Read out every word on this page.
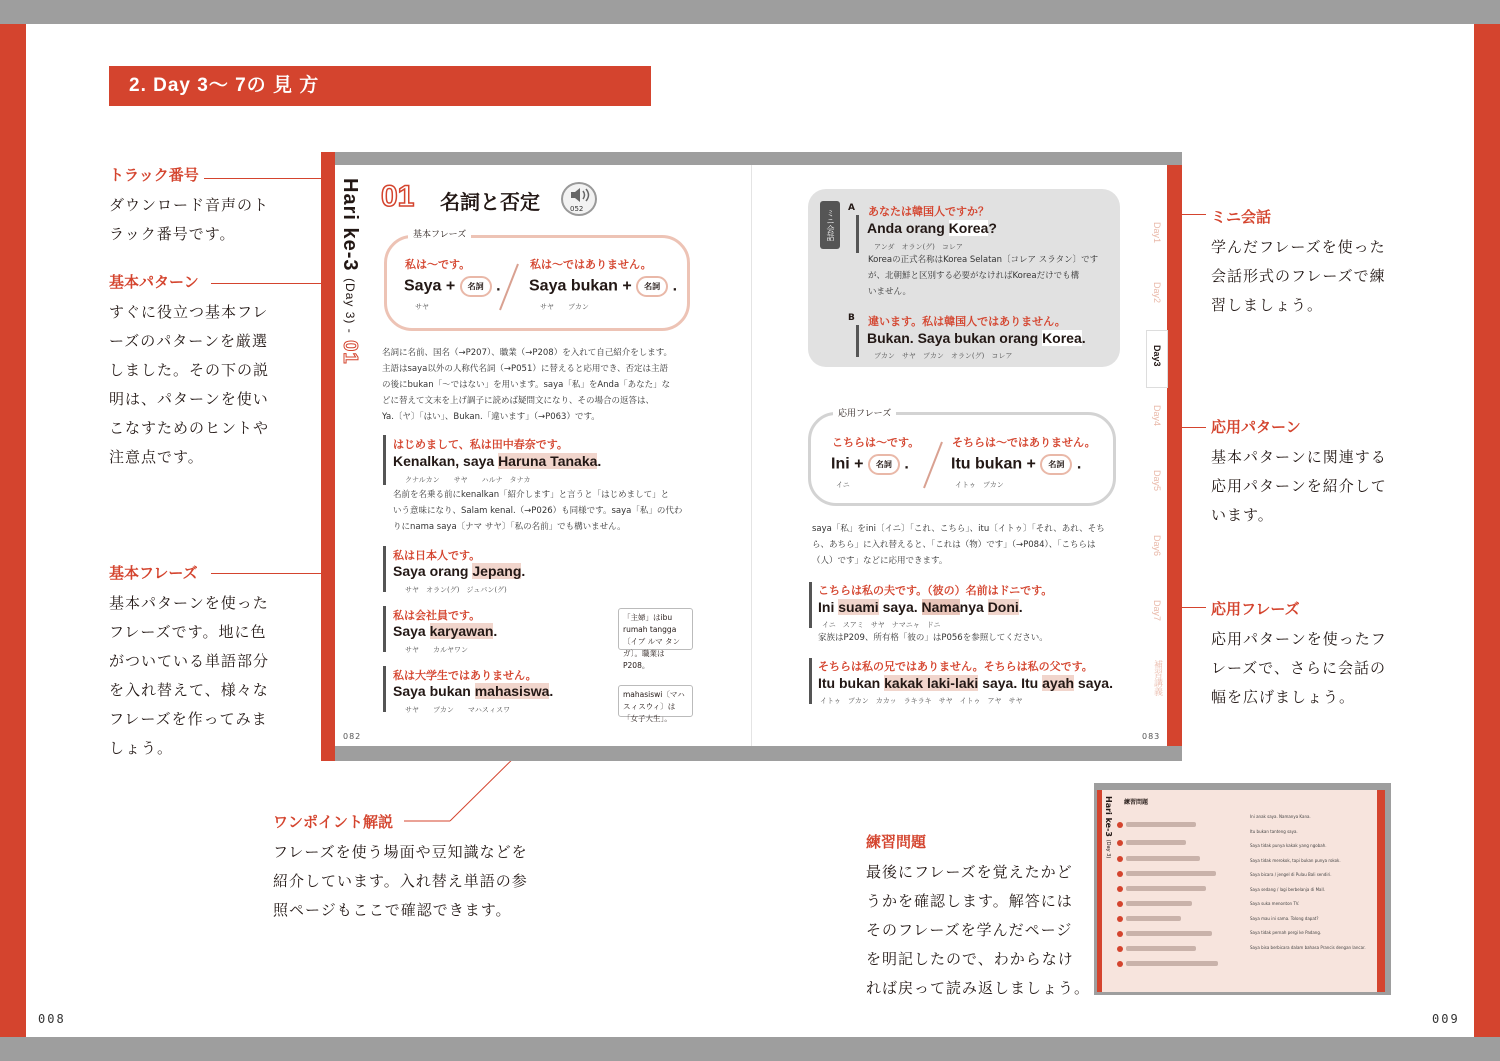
2. Day 3〜 7の 見 方
008	009
トラック番号
ダウンロード音声のト
ラック番号です。
基本パターン
すぐに役立つ基本フレ
ーズのパターンを厳選
しました。その下の説
明は、パターンを使い
こなすためのヒントや
注意点です。
基本フレーズ
基本パターンを使った
フレーズです。地に色
がついている単語部分
を入れ替えて、様々な
フレーズを作ってみま
しょう。
ワンポイント解説
フレーズを使う場面や豆知識などを
紹介しています。入れ替え単語の参
照ページもここで確認できます。
ミニ会話
学んだフレーズを使った
会話形式のフレーズで練
習しましょう。
応用パターン
基本パターンに関連する
応用パターンを紹介して
います。
応用フレーズ
応用パターンを使ったフ
レーズで、さらに会話の
幅を広げましょう。
練習問題
最後にフレーズを覚えたかど
うかを確認します。解答には
そのフレーズを学んだページ
を明記したので、わからなけ
れば戻って読み返しましょう。
Hari ke-3 (Day 3) - 01
01 名詞と否定	052
基本フレーズ
私は〜です。
Saya + 名詞 .
サヤ
私は〜ではありません。
Saya bukan + 名詞 .
サヤ　　ブカン
名詞に名前、国名（→P207）、職業（→P208）を入れて自己紹介をします。
主語はsaya以外の人称代名詞（→P051）に替えると応用でき、否定は主語
の後にbukan「〜ではない」を用います。saya「私」をAnda「あなた」な
どに替えて文末を上げ調子に読めば疑問文になり、その場合の返答は、
Ya.〔ヤ〕「はい」、Bukan.「違います」（→P063）です。
はじめまして、私は田中春奈です。
Kenalkan, saya Haruna Tanaka.
クナルカン　　サヤ　　ハルナ　タナカ
名前を名乗る前にkenalkan「紹介します」と言うと「はじめまして」と
いう意味になり、Salam kenal.（→P026）も同様です。saya「私」の代わ
りにnama saya〔ナマ サヤ〕「私の名前」でも構いません。
私は日本人です。
Saya orang Jepang.
サヤ　オラン(グ)　ジュパン(グ)
私は会社員です。
Saya karyawan.
サヤ　　カルヤワン
「主婦」はibu rumah tangga〔イブ ルマ タンガ〕。職業はP208。
私は大学生ではありません。
Saya bukan mahasiswa.
サヤ　　ブカン　　マハスィスワ
mahasiswi〔マハスィスウィ〕は「女子大生」。
082	083
ミニ会話
A あなたは韓国人ですか？
Anda orang Korea?
アンダ　オラン(グ)　コレア
Koreaの正式名称はKorea Selatan〔コレア スラタン〕です
が、北朝鮮と区別する必要がなければKoreaだけでも構
いません。
B 違います。私は韓国人ではありません。
Bukan. Saya bukan orang Korea.
ブカン　サヤ　ブカン　オラン(グ)　コレア
応用フレーズ
こちらは〜です。
Ini + 名詞 .
イニ
そちらは〜ではありません。
Itu bukan + 名詞 .
イトゥ　ブカン
saya「私」をini〔イニ〕「これ、こちら」、itu〔イトゥ〕「それ、あれ、そち
ら、あちら」に入れ替えると、「これは（物）です」（→P084）、「こちらは
（人）です」などに応用できます。
こちらは私の夫です。（彼の）名前はドニです。
Ini suami saya. Namanya Doni.
イニ　スアミ　サヤ　ナマニャ　ドニ
家族はP209、所有格「彼の」はP056を参照してください。
そちらは私の兄ではありません。そちらは私の父です。
Itu bukan kakak laki-laki saya. Itu ayah saya.
イトゥ　ブカン　カカッ　ラキラキ　サヤ　イトゥ　アヤ　サヤ
Day1
Day2
Day3
Day4
Day5
Day6
Day7
補習講義
Hari ke-3 (Day 3)
練習問題
Ini anak saya. Namanya Kana.
Itu bukan tanteng saya.
Saya tidak punya kakak yang ngobah.
Saya tidak merokok, tapi bukan punya rokok.
Saya bicara / jengel di Pulau Bali sendiri.
Saya sedang / lagi berbelanja di Mall.
Saya suka menonton TV.
Saya mau ini sama. Tolong dapat?
Saya tidak pernah pergi ke Padang.
Saya bisa berbicara dalam bahasa Prancis dengan lancar.
